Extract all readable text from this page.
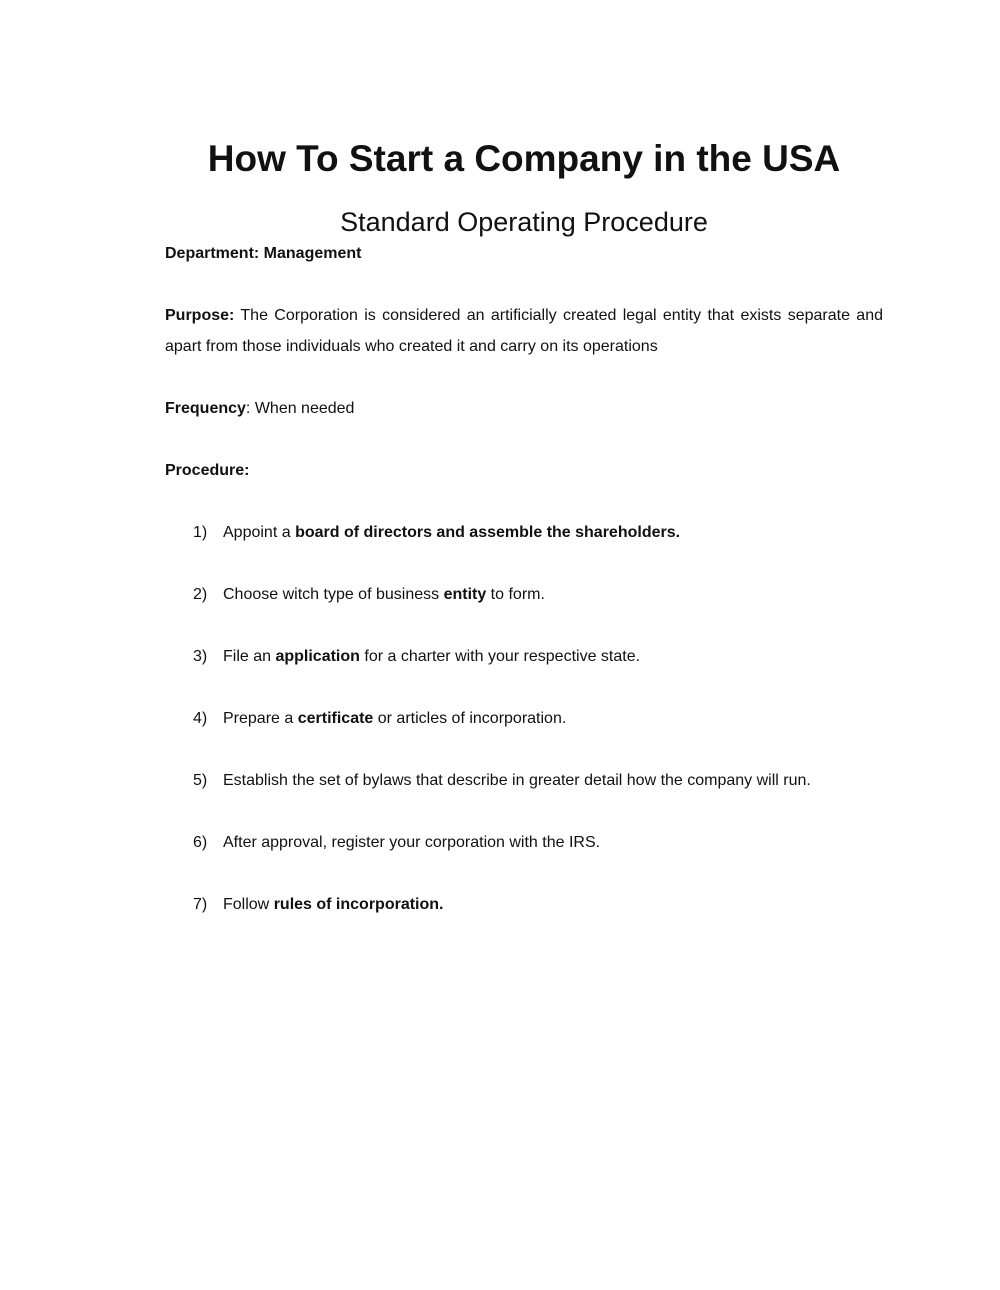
How To Start a Company in the USA
Standard Operating Procedure

Department: Management

Purpose: The Corporation is considered an artificially created legal entity that exists separate and apart from those individuals who created it and carry on its operations

Frequency: When needed

Procedure:

1) Appoint a board of directors and assemble the shareholders.
2) Choose witch type of business entity to form.
3) File an application for a charter with your respective state.
4) Prepare a certificate or articles of incorporation.
5) Establish the set of bylaws that describe in greater detail how the company will run.
6) After approval, register your corporation with the IRS.
7) Follow rules of incorporation.
